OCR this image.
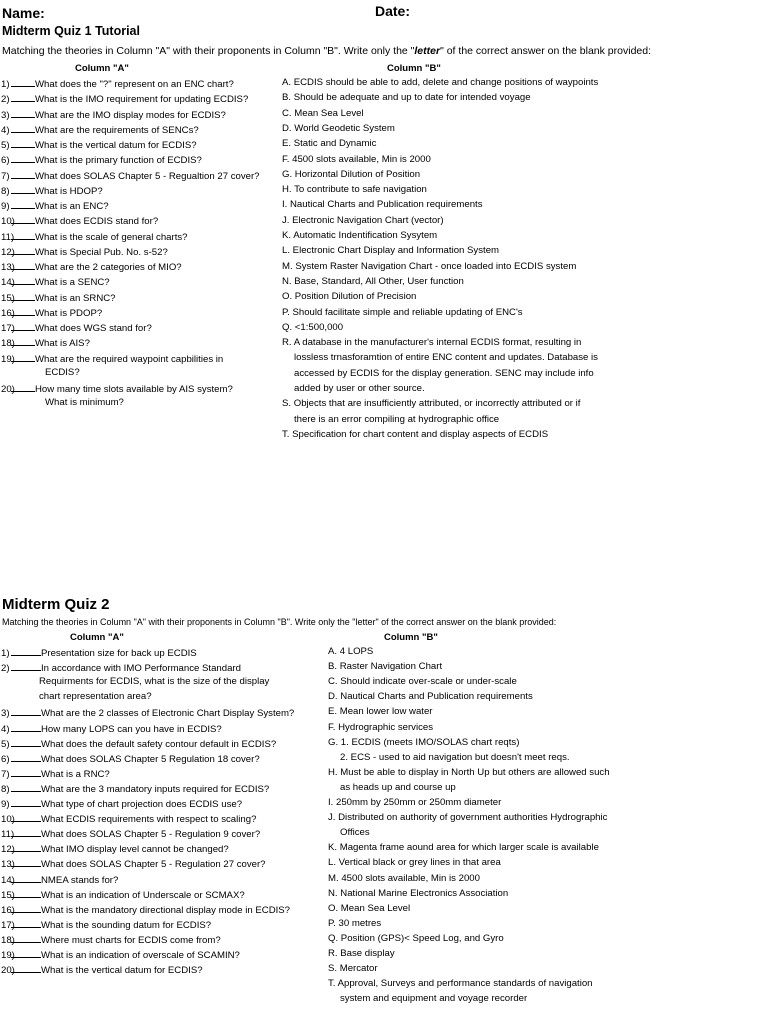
Name:	Date:
Midterm Quiz 1 Tutorial
Matching the theories in Column "A" with their proponents in Column "B". Write only the "letter" of the correct answer on the blank provided:
Column "A"	Column "B"
1)	What does the "?" represent on an ENC chart?
2)	What is the IMO requirement for updating ECDIS?
3)	What are the IMO display modes for ECDIS?
4)	What are the requirements of SENCs?
5)	What is the vertical datum for ECDIS?
6)	What is the primary function of ECDIS?
7)	What does SOLAS Chapter 5 - Regualtion 27 cover?
8)	What is HDOP?
9)	What is an ENC?
10) What does ECDIS stand for?
11) What is the scale of general charts?
12) What is Special Pub. No. s-52?
13) What are the 2 categories of MIO?
14) What is a SENC?
15) What is an SRNC?
16) What is PDOP?
17) What does WGS stand for?
18) What is AIS?
19) What are the required waypoint capbilities in
ECDIS?
20) How many time slots available by AIS system?
What is minimum?
A. ECDIS should be able to add, delete and change positions of waypoints
B. Should be adequate and up to date for intended voyage
C. Mean Sea Level
D. World Geodetic System
E. Static and Dynamic
F. 4500 slots available, Min is 2000
G. Horizontal Dilution of Position
H. To contribute to safe navigation
I. Nautical Charts and Publication requirements
J. Electronic Navigation Chart (vector)
K. Automatic Indentification Sysytem
L. Electronic Chart Display and Information System
M. System Raster Navigation Chart - once loaded into ECDIS system
N. Base, Standard, All Other, User function
O. Position Dilution of Precision
P. Should facilitate simple and reliable updating of ENC's
Q. <1:500,000
R. A database in the manufacturer's internal ECDIS format, resulting in
lossless trnasforamtion of entire ENC content and updates. Database is
accessed by ECDIS for the display generation. SENC may include info
added by user or other source.
S. Objects that are insufficiently attributed, or incorrectly attributed or if
there is an error compiling at hydrographic office
T. Specification for chart content and display aspects of ECDIS
Midterm Quiz 2
Matching the theories in Column "A" with their proponents in Column "B". Write only the "letter" of the correct answer on the blank provided:
Column "A"	Column "B"
1)	Presentation size for back up ECDIS
2)	In accordance with IMO Performance Standard
Requirments for ECDIS, what is the size of the display
chart representation area?
3)	What are the 2 classes of Electronic Chart Display System?
4)	How many LOPS can you have in ECDIS?
5)	What does the default safety contour default in ECDIS?
6)	What does SOLAS Chapter 5 Regulation 18 cover?
7)	What is a RNC?
8)	What are the 3 mandatory inputs required for ECDIS?
9)	What type of chart projection does ECDIS use?
10)	What ECDIS requirements with respect to scaling?
11)	What does SOLAS Chapter 5 - Regulation 9 cover?
12)	What IMO display level cannot be changed?
13)	What does SOLAS Chapter 5 - Regulation 27 cover?
14)	NMEA stands for?
15)	What is an indication of Underscale or SCMAX?
16)	What is the mandatory directional display mode in ECDIS?
17)	What is the sounding datum for ECDIS?
18)	Where must charts for ECDIS come from?
19)	What is an indication of overscale of SCAMIN?
20)	What is the vertical datum for ECDIS?
A. 4 LOPS
B. Raster Navigation Chart
C. Should indicate over-scale or under-scale
D. Nautical Charts and Publication requirements
E. Mean lower low water
F. Hydrographic services
G. 1. ECDIS (meets IMO/SOLAS chart reqts)
2. ECS - used to aid navigation but doesn't meet reqs.
H. Must be able to display in North Up but others are allowed such
as heads up and course up
I. 250mm by 250mm or 250mm diameter
J. Distributed on authority of government authorities Hydrographic
Offices
K. Magenta frame aound area for which larger scale is available
L. Vertical black or grey lines in that area
M. 4500 slots available, Min is 2000
N. National Marine Electronics Association
O. Mean Sea Level
P. 30 metres
Q. Position (GPS)< Speed Log, and Gyro
R. Base display
S. Mercator
T. Approval, Surveys and performance standards of navigation
system and equipment and voyage recorder
